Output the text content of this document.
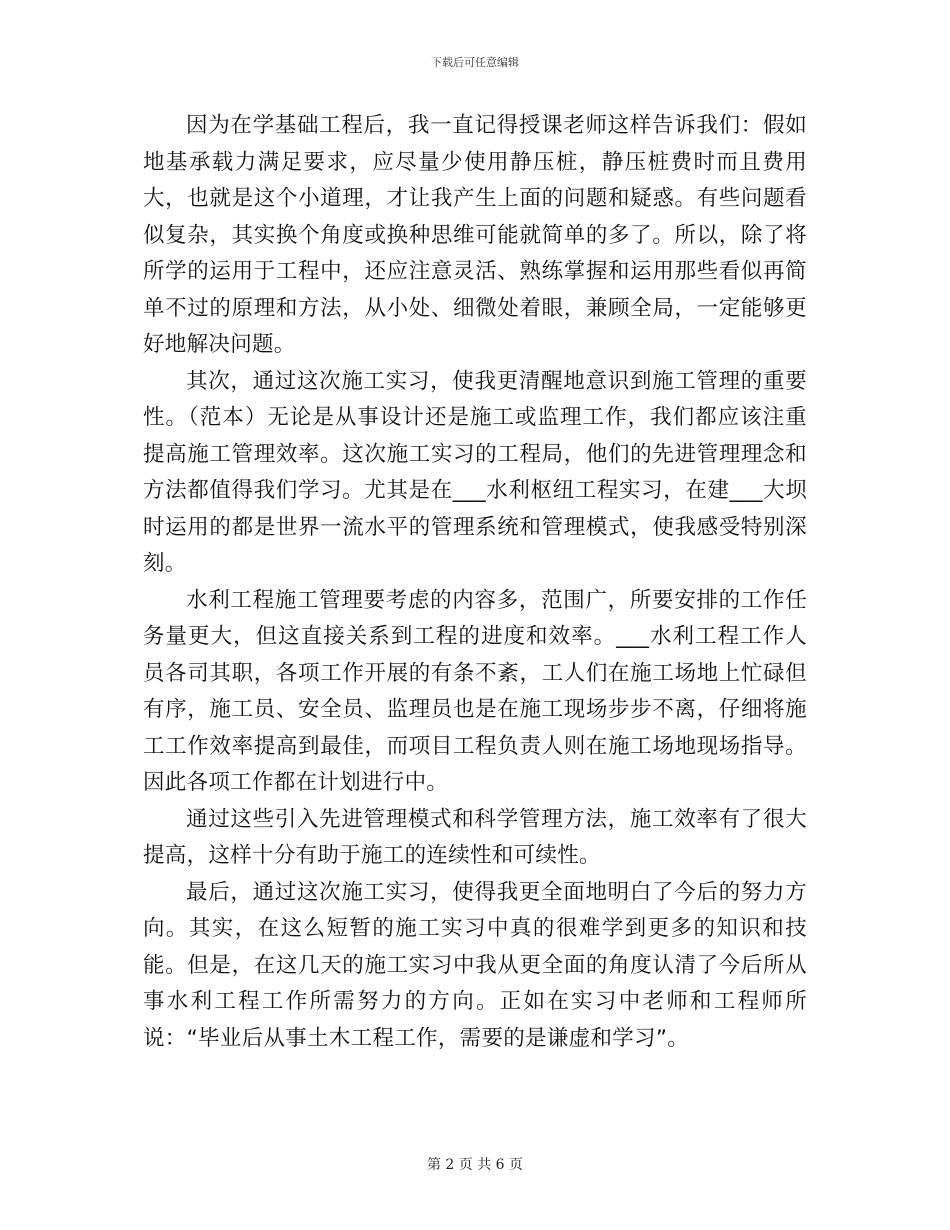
下载后可任意编辑

因为在学基础工程后，我一直记得授课老师这样告诉我们：假如地基承载力满足要求，应尽量少使用静压桩，静压桩费时而且费用大，也就是这个小道理，才让我产生上面的问题和疑惑。有些问题看似复杂，其实换个角度或换种思维可能就简单的多了。所以，除了将所学的运用于工程中，还应注意灵活、熟练掌握和运用那些看似再简单不过的原理和方法，从小处、细微处着眼，兼顾全局，一定能够更好地解决问题。

其次，通过这次施工实习，使我更清醒地意识到施工管理的重要性。（范本）无论是从事设计还是施工或监理工作，我们都应该注重提高施工管理效率。这次施工实习的工程局，他们的先进管理理念和方法都值得我们学习。尤其是在___水利枢纽工程实习，在建___大坝时运用的都是世界一流水平的管理系统和管理模式，使我感受特别深刻。

水利工程施工管理要考虑的内容多，范围广，所要安排的工作任务量更大，但这直接关系到工程的进度和效率。___水利工程工作人员各司其职，各项工作开展的有条不紊，工人们在施工场地上忙碌但有序，施工员、安全员、监理员也是在施工现场步步不离，仔细将施工工作效率提高到最佳，而项目工程负责人则在施工场地现场指导。因此各项工作都在计划进行中。

通过这些引入先进管理模式和科学管理方法，施工效率有了很大提高，这样十分有助于施工的连续性和可续性。

最后，通过这次施工实习，使得我更全面地明白了今后的努力方向。其实，在这么短暂的施工实习中真的很难学到更多的知识和技能。但是，在这几天的施工实习中我从更全面的角度认清了今后所从事水利工程工作所需努力的方向。正如在实习中老师和工程师所说：“毕业后从事土木工程工作，需要的是谦虚和学习”。

第 2 页 共 6 页
